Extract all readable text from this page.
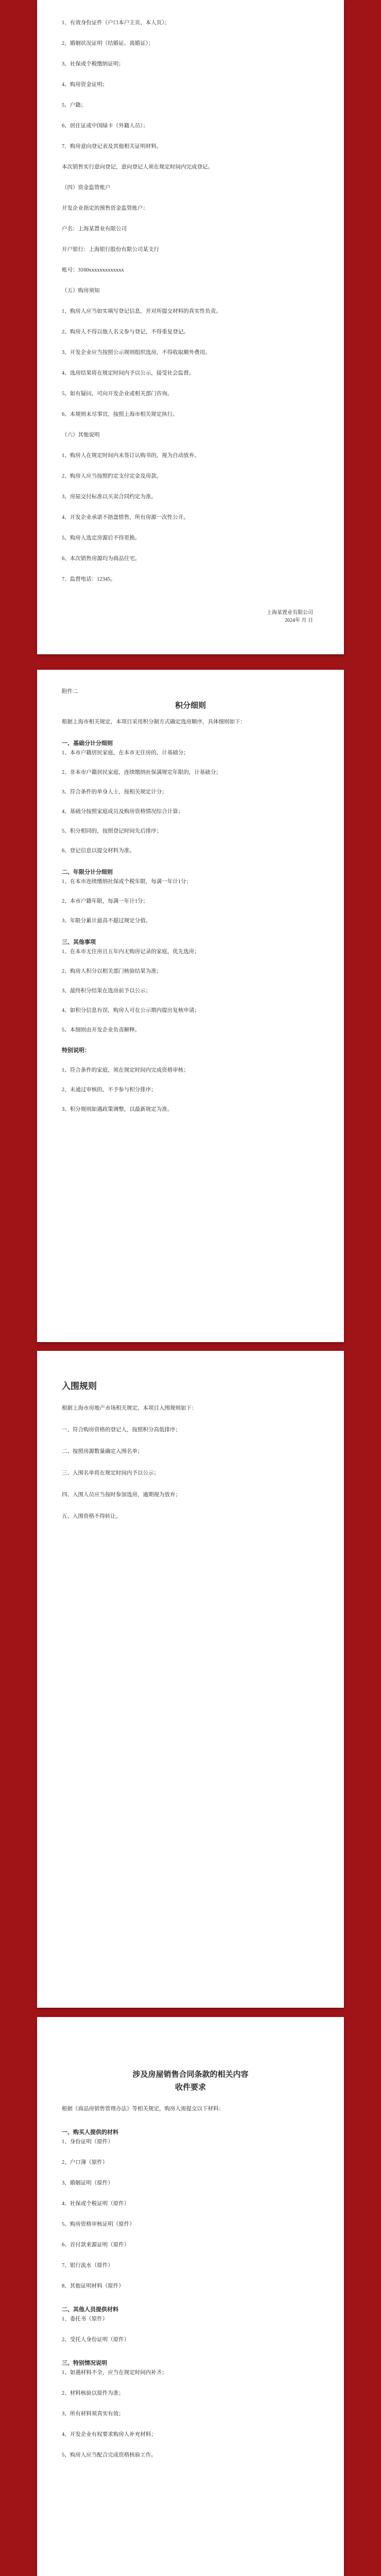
1、有效身份证件（户口本户主页、本人页）；
2、婚姻状况证明（结婚证、离婚证）；
3、社保或个税缴纳证明；
4、购房资金证明；
5、户籍；
6、居住证或中国绿卡（外籍人员）；
7、购房意向登记表及其他相关证明材料。
本次销售实行意向登记，意向登记人须在规定时间内完成登记。
（四）资金监管账户
开发企业指定的预售资金监管账户：
户名：上海某置业有限公司
开户银行：上海银行股份有限公司某支行
账号：3160xxxxxxxxxxxxx
（五）购房须知
1、购房人应当如实填写登记信息，并对所提交材料的真实性负责。
2、购房人不得以他人名义参与登记，不得重复登记。
3、开发企业应当按照公示规则组织选房，不得收取额外费用。
4、选房结果将在规定时间内予以公示，接受社会监督。
5、如有疑问，可向开发企业或相关部门咨询。
6、本规则未尽事宜，按照上海市相关规定执行。
（六）其他说明
1、购房人在规定时间内未签订认购书的，视为自动放弃。
2、购房人应当按照约定支付定金及房款。
3、房屋交付标准以买卖合同约定为准。
4、开发企业承诺不捂盘惜售，所有房源一次性公开。
5、购房人选定房源后不得更换。
6、本次销售房源均为商品住宅。
7、监督电话：12345。
上海某置业有限公司
2024年 月 日
附件二
积分细则
根据上海市相关规定，本项目采用积分制方式确定选房顺序，具体细则如下：
一、基础分计分细则
1、本市户籍居民家庭，在本市无住房的，计基础分；
2、非本市户籍居民家庭，连续缴纳社保满规定年限的，计基础分；
3、符合条件的单身人士，按相关规定计分；
4、基础分按照家庭成员及购房资格情况综合计算；
5、积分相同的，按照登记时间先后排序；
6、登记信息以提交材料为准。
二、年限分计分细则
1、在本市连续缴纳社保或个税年限，每满一年计1分；
2、本市户籍年限，每满一年计1分；
3、年限分累计最高不超过规定分值。
三、其他事项
1、在本市无住房且五年内无购房记录的家庭，优先选房；
2、购房人积分以相关部门核验结果为准；
3、最终积分结果在选房前予以公示；
4、如积分信息有误，购房人可在公示期内提出复核申请；
5、本细则由开发企业负责解释。
特别说明：
1、符合条件的家庭，须在规定时间内完成资格审核；
2、未通过审核的，不予参与积分排序；
3、积分规则如遇政策调整，以最新规定为准。
入围规则
根据上海市房地产市场相关规定，本项目入围规则如下：
一、符合购房资格的登记人，按照积分高低排序；
二、按照房源数量确定入围名单；
三、入围名单将在规定时间内予以公示；
四、入围人员应当按时参加选房，逾期视为放弃；
五、入围资格不得转让。
涉及房屋销售合同条款的相关内容
收件要求
根据《商品房销售管理办法》等相关规定，购房人需提交以下材料：
一、购买人提供的材料
1、身份证明（原件）
2、户口簿（原件）
3、婚姻证明（原件）
4、社保或个税证明（原件）
5、购房资格审核证明（原件）
6、首付款来源证明（原件）
7、银行流水（原件）
8、其他证明材料（原件）
二、其他人员提供材料
1、委托书（原件）
2、受托人身份证明（原件）
三、特别情况说明
1、如遇材料不全，应当在规定时间内补齐；
2、材料核验以原件为准；
3、所有材料须真实有效；
4、开发企业有权要求购房人补充材料；
5、购房人应当配合完成资格核验工作。
